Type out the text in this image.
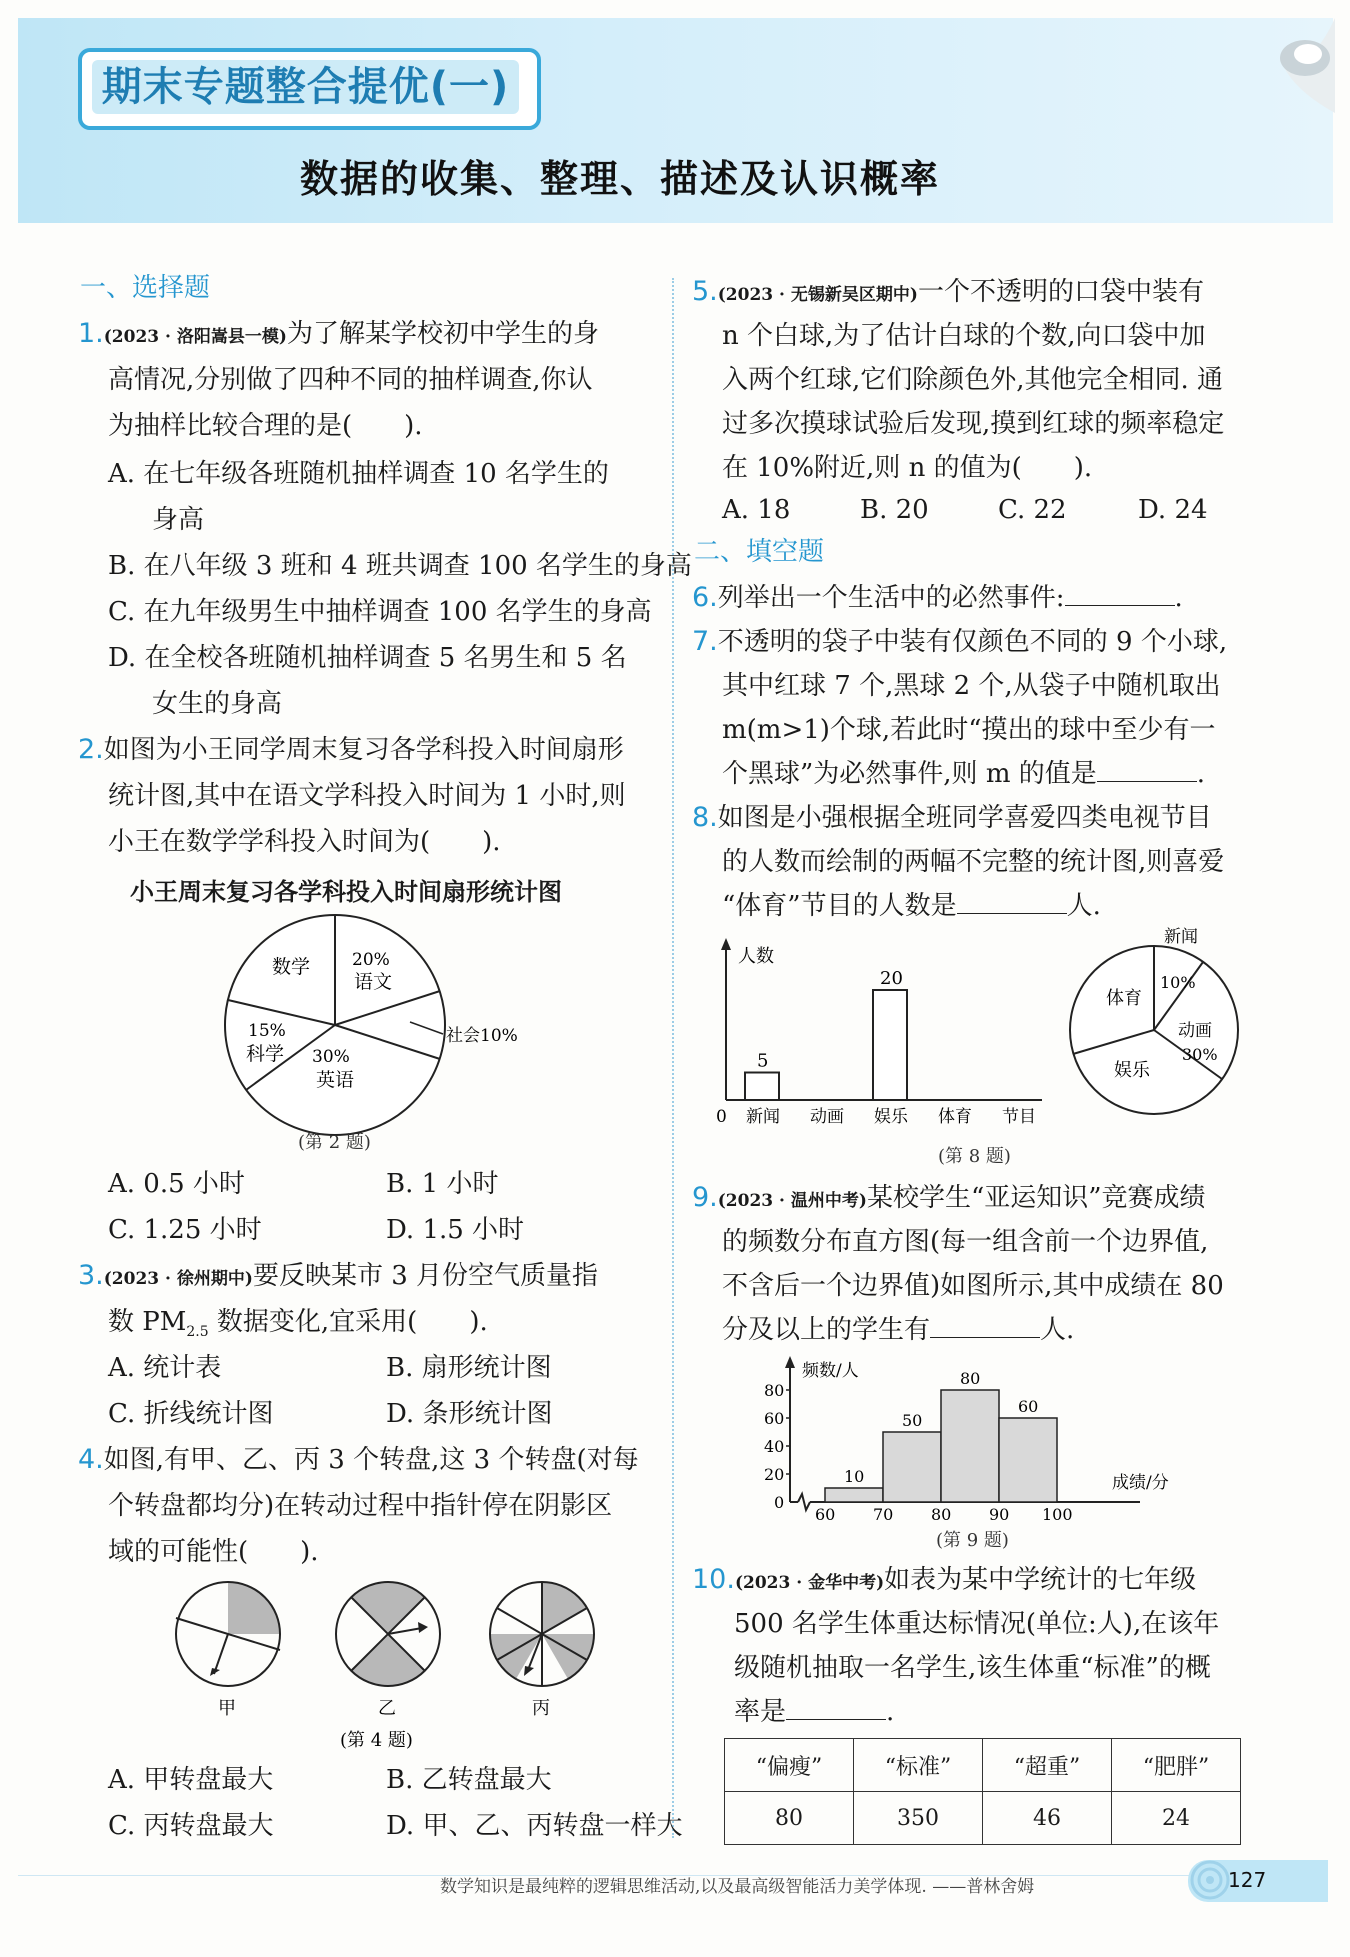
期末专题整合提优(一)
数据的收集、整理、描述及认识概率
一、选择题
1.(2023 · 洛阳嵩县一模)为了解某学校初中学生的身
高情况,分别做了四种不同的抽样调查,你认
为抽样比较合理的是(　　).
A. 在七年级各班随机抽样调查 10 名学生的
身高
B. 在八年级 3 班和 4 班共调查 100 名学生的身高
C. 在九年级男生中抽样调查 100 名学生的身高
D. 在全校各班随机抽样调查 5 名男生和 5 名
女生的身高
2.如图为小王同学周末复习各学科投入时间扇形
统计图,其中在语文学科投入时间为 1 小时,则
小王在数学学科投入时间为(　　).
小王周末复习各学科投入时间扇形统计图
数学 20%
语文
社会10%
30%
英语
15%
科学
(第 2 题)
A. 0.5 小时	B. 1 小时
C. 1.25 小时	D. 1.5 小时
3.(2023 · 徐州期中)要反映某市 3 月份空气质量指
数 $PM_{2.5}$ 数据变化,宜采用(　　).
A. 统计表	B. 扇形统计图
C. 折线统计图	D. 条形统计图
4.如图,有甲、乙、丙 3 个转盘,这 3 个转盘(对每
个转盘都均分)在转动过程中指针停在阴影区
域的可能性(　　).
甲	乙	丙
(第 4 题)
A. 甲转盘最大	B. 乙转盘最大
C. 丙转盘最大	D. 甲、乙、丙转盘一样大
5.(2023 · 无锡新吴区期中)一个不透明的口袋中装有
n 个白球,为了估计白球的个数,向口袋中加
入两个红球,它们除颜色外,其他完全相同. 通
过多次摸球试验后发现,摸到红球的频率稳定
在 10%附近,则 n 的值为(　　).
A. 18	B. 20	C. 22	D. 24
二、填空题
6.列举出一个生活中的必然事件:	.
7.不透明的袋子中装有仅颜色不同的 9 个小球,
其中红球 7 个,黑球 2 个,从袋子中随机取出
m(m>1)个球,若此时“摸出的球中至少有一
个黑球”为必然事件,则 m 的值是	.
8.如图是小强根据全班同学喜爱四类电视节目
的人数而绘制的两幅不完整的统计图,则喜爱
“体育”节目的人数是	人.
人数
0	节目
新闻
5
动画 娱乐
20
体育
新闻
10%
体育
动画
30%
娱乐
(第 8 题)
9.(2023 · 温州中考)某校学生“亚运知识”竞赛成绩
的频数分布直方图(每一组含前一个边界值,
不含后一个边界值)如图所示,其中成绩在 80
分及以上的学生有	人.
频数/人
成绩/分
0
20
40
60
80
60 70 80 90 100
10
50
80
60
(第 9 题)
10.(2023 · 金华中考)如表为某中学统计的七年级
500 名学生体重达标情况(单位:人),在该年
级随机抽取一名学生,该生体重“标准”的概
率是	.
“偏瘦”	“标准”	“超重”	“肥胖”
80	350	46	24
数学知识是最纯粹的逻辑思维活动,以及最高级智能活力美学体现. ——普林舍姆	127
